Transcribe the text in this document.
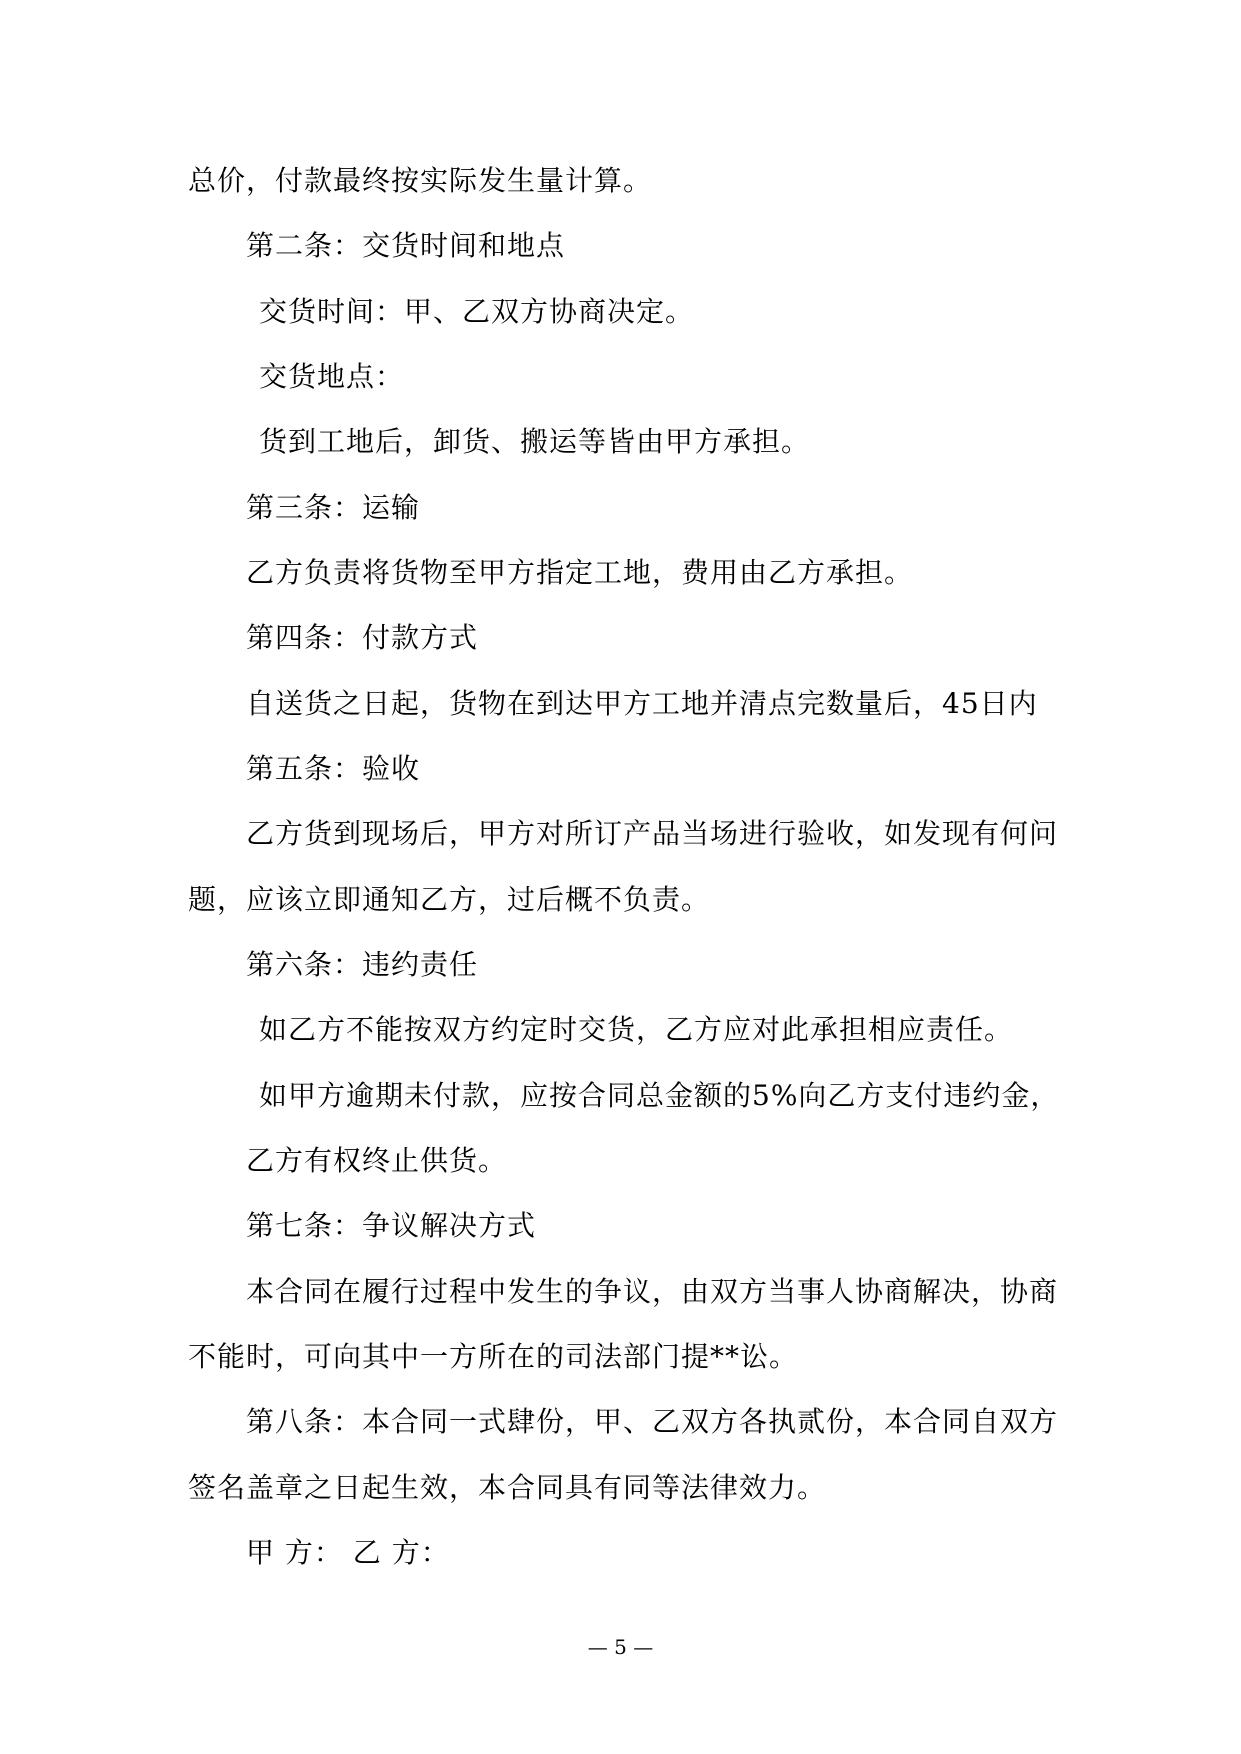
总价，付款最终按实际发生量计算。
第二条：交货时间和地点
交货时间：甲、乙双方协商决定。
交货地点：
货到工地后，卸货、搬运等皆由甲方承担。
第三条：运输
乙方负责将货物至甲方指定工地，费用由乙方承担。
第四条：付款方式
自送货之日起，货物在到达甲方工地并清点完数量后，45日内
第五条：验收
乙方货到现场后，甲方对所订产品当场进行验收，如发现有何问
题，应该立即通知乙方，过后概不负责。
第六条：违约责任
如乙方不能按双方约定时交货，乙方应对此承担相应责任。
如甲方逾期未付款，应按合同总金额的5%向乙方支付违约金，
乙方有权终止供货。
第七条：争议解决方式
本合同在履行过程中发生的争议，由双方当事人协商解决，协商
不能时，可向其中一方所在的司法部门提**讼。
第八条：本合同一式肆份，甲、乙双方各执贰份，本合同自双方
签名盖章之日起生效，本合同具有同等法律效力。
甲 方： 乙 方：
— 5 —
